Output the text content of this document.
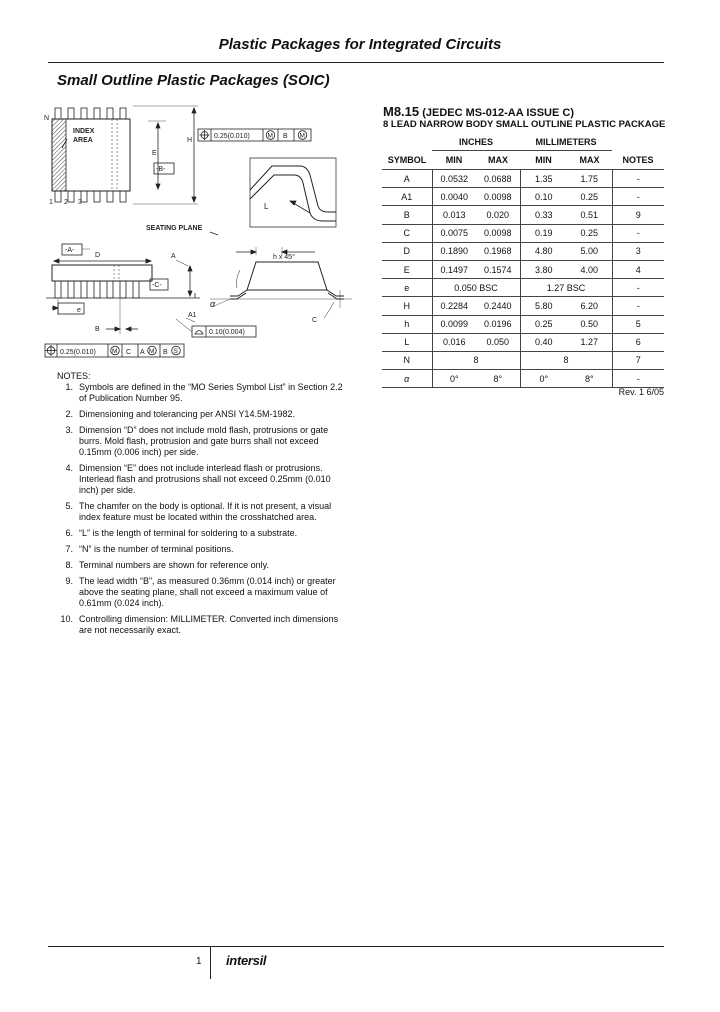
Plastic Packages for Integrated Circuits
Small Outline Plastic Packages (SOIC)
N
INDEX
AREA
1 2 3
H
E
-B-
0.25(0.010)	M B M
L
SEATING PLANE
-A-
D
-C-
A
A1
e
B	0.10(0.004)
0.25(0.010) M C A M B S
h x 45°
α
C
M8.15 (JEDEC MS-012-AA ISSUE C)
8 LEAD NARROW BODY SMALL OUTLINE PLASTIC PACKAGE
	INCHES		MILLIMETERS		
SYMBOL	MIN	MAX	MIN	MAX	NOTES
A	0.0532	0.0688	1.35	1.75	-
A1	0.0040	0.0098	0.10	0.25	-
B	0.013	0.020	0.33	0.51	9
C	0.0075	0.0098	0.19	0.25	-
D	0.1890	0.1968	4.80	5.00	3
E	0.1497	0.1574	3.80	4.00	4
e	0.050 BSC		1.27 BSC		-
H	0.2284	0.2440	5.80	6.20	-
h	0.0099	0.0196	0.25	0.50	5
L	0.016	0.050	0.40	1.27	6
N	8		8		7
α	0°	8°	0°	8°	-
Rev. 1 6/05
NOTES:
1. Symbols are defined in the “MO Series Symbol List” in Section 2.2 of Publication Number 95.
2. Dimensioning and tolerancing per ANSI Y14.5M-1982.
3. Dimension “D” does not include mold flash, protrusions or gate burrs. Mold flash, protrusion and gate burrs shall not exceed 0.15mm (0.006 inch) per side.
4. Dimension “E” does not include interlead flash or protrusions. Interlead flash and protrusions shall not exceed 0.25mm (0.010 inch) per side.
5. The chamfer on the body is optional. If it is not present, a visual index feature must be located within the crosshatched area.
6. “L” is the length of terminal for soldering to a substrate.
7. “N” is the number of terminal positions.
8. Terminal numbers are shown for reference only.
9. The lead width “B”, as measured 0.36mm (0.014 inch) or greater above the seating plane, shall not exceed a maximum value of 0.61mm (0.024 inch).
10. Controlling dimension: MILLIMETER. Converted inch dimensions are not necessarily exact.
1 intersil
